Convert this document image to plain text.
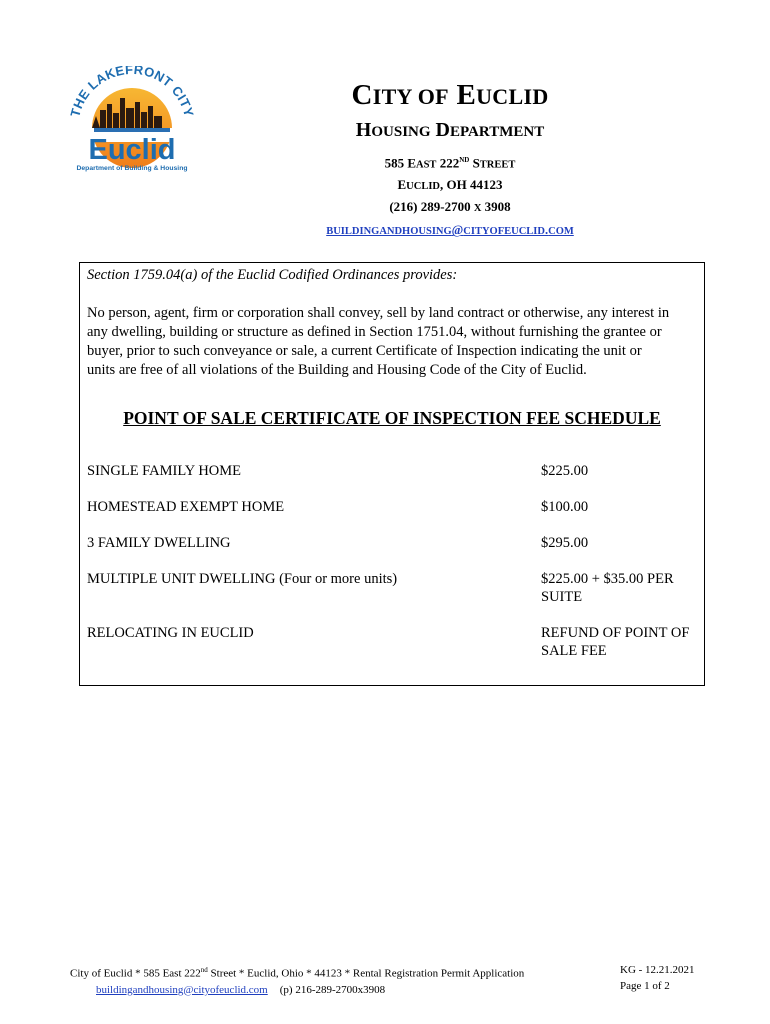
THE LAKEFRONT CIT
Euclid
Department of Building & Housing
CITY OF EUCLID
HOUSING DEPARTMENT
585 EAST 222ND STREET
EUCLID, OH 44123
(216) 289-2700 X 3908
BUILDINGANDHOUSING@CITYOFEUCLID.COM
Section 1759.04(a) of the Euclid Codified Ordinances provides:
No person, agent, firm or corporation shall convey, sell by land contract or otherwise, any interest in
any dwelling, building or structure as defined in Section 1751.04, without furnishing the grantee or
buyer, prior to such conveyance or sale, a current Certificate of Inspection indicating the unit or
units are free of all violations of the Building and Housing Code of the City of Euclid.
POINT OF SALE CERTIFICATE OF INSPECTION FEE SCHEDULE
SINGLE FAMILY HOME	$225.00
HOMESTEAD EXEMPT HOME	$100.00
3 FAMILY DWELLING	$295.00
MULTIPLE UNIT DWELLING (Four or more units)	$225.00 + $35.00 PER
SUITE
RELOCATING IN EUCLID	REFUND OF POINT OF
SALE FEE
City of Euclid * 585 East 222nd Street * Euclid, Ohio * 44123 * Rental Registration Permit Application
buildingandhousing@cityofeuclid.com (p) 216-289-2700x3908
KG - 12.21.2021
Page 1 of 2
